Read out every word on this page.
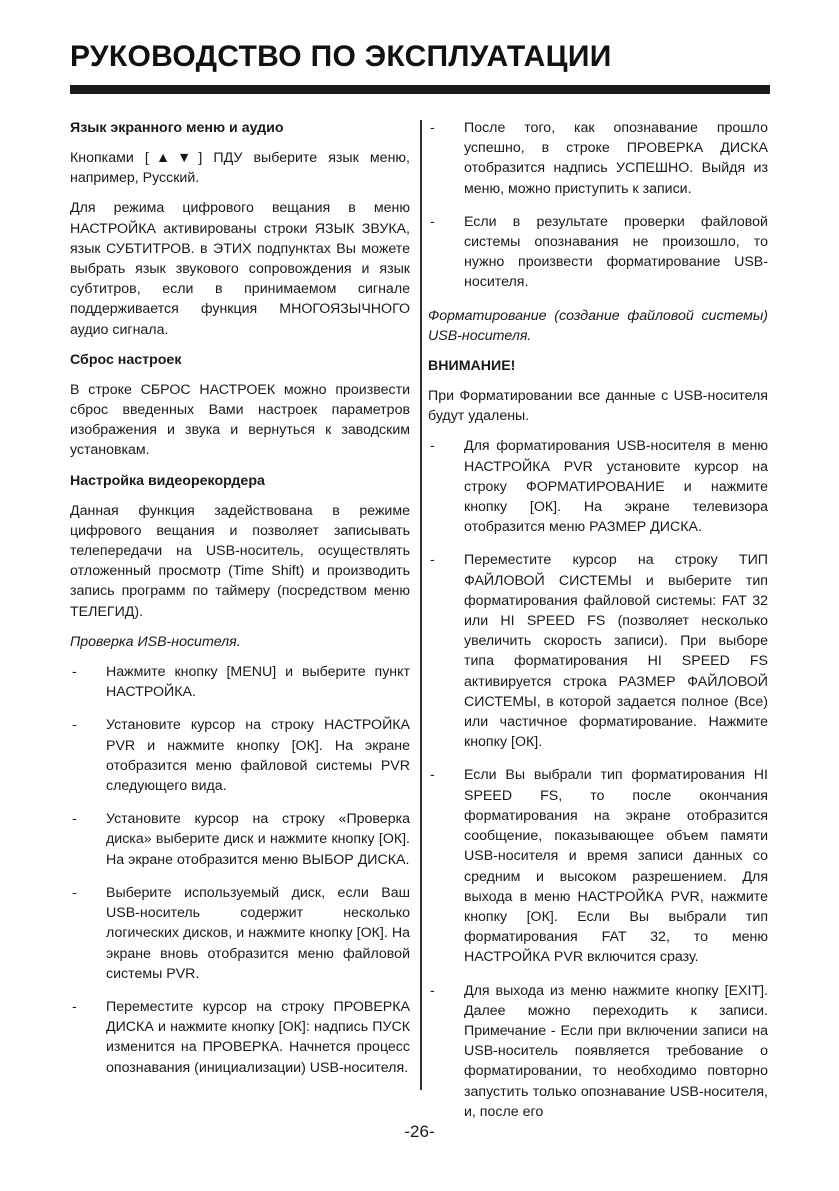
РУКОВОДСТВО ПО ЭКСПЛУАТАЦИИ
Язык экранного меню и аудио

Кнопками [▲▼] ПДУ выберите язык меню, например, Русский.

Для режима цифрового вещания в меню НАСТРОЙКА активированы строки ЯЗЫК ЗВУКА, язык СУБТИТРОВ. в ЭТИХ подпунктах Вы можете выбрать язык звукового сопровождения и язык субтитров, если в принимаемом сигнале поддерживается функция МНОГОЯЗЫЧНОГО аудио сигнала.

Сброс настроек

В строке СБРОС НАСТРОЕК можно произвести сброс введенных Вами настроек параметров изображения и звука и вернуться к заводским установкам.

Настройка видеорекордера

Данная функция задействована в режиме цифрового вещания и позволяет записывать телепередачи на USB-носитель, осуществлять отложенный просмотр (Time Shift) и производить запись программ по таймеру (посредством меню ТЕЛЕГИД).

Проверка ИSB-носителя.

- Нажмите кнопку [MENU] и выберите пункт НАСТРОЙКА.
- Установите курсор на строку НАСТРОЙКА PVR и нажмите кнопку [ОК]. На экране отобразится меню файловой системы PVR следующего вида.
- Установите курсор на строку «Проверка диска» выберите диск и нажмите кнопку [ОК]. На экране отобразится меню ВЫБОР ДИСКА.
- Выберите используемый диск, если Ваш USB-носитель содержит несколько логических дисков, и нажмите кнопку [ОК]. На экране вновь отобразится меню файловой системы PVR.
- Переместите курсор на строку ПРОВЕРКА ДИСКА и нажмите кнопку [ОК]: надпись ПУСК изменится на ПРОВЕРКА. Начнется процесс опознавания (инициализации) USB-носителя.
- После того, как опознавание прошло успешно, в строке ПРОВЕРКА ДИСКА отобразится надпись УСПЕШНО. Выйдя из меню, можно приступить к записи.
- Если в результате проверки файловой системы опознавания не произошло, то нужно произвести форматирование USB-носителя.

Форматирование (создание файловой системы) USB-носителя.

ВНИМАНИЕ!

При Форматировании все данные с USB-носителя будут удалены.

- Для форматирования USB-носителя в меню НАСТРОЙКА PVR установите курсор на строку ФОРМАТИРОВАНИЕ и нажмите кнопку [ОК]. На экране телевизора отобразится меню РАЗМЕР ДИСКА.
- Переместите курсор на строку ТИП ФАЙЛОВОЙ СИСТЕМЫ и выберите тип форматирования файловой системы: FAT 32 или HI SPEED FS (позволяет несколько увеличить скорость записи). При выборе типа форматирования HI SPEED FS активируется строка РАЗМЕР ФАЙЛОВОЙ СИСТЕМЫ, в которой задается полное (Все) или частичное форматирование. Нажмите кнопку [ОК].
- Если Вы выбрали тип форматирования HI SPEED FS, то после окончания форматирования на экране отобразится сообщение, показывающее объем памяти USB-носителя и время записи данных со средним и высоком разрешением. Для выхода в меню НАСТРОЙКА PVR, нажмите кнопку [ОК]. Если Вы выбрали тип форматирования FAT 32, то меню НАСТРОЙКА PVR включится сразу.
- Для выхода из меню нажмите кнопку [EXIT]. Далее можно переходить к записи. Примечание - Если при включении записи на USB-носитель появляется требование о форматировании, то необходимо повторно запустить только опознавание USB-носителя, и, после его
-26-
